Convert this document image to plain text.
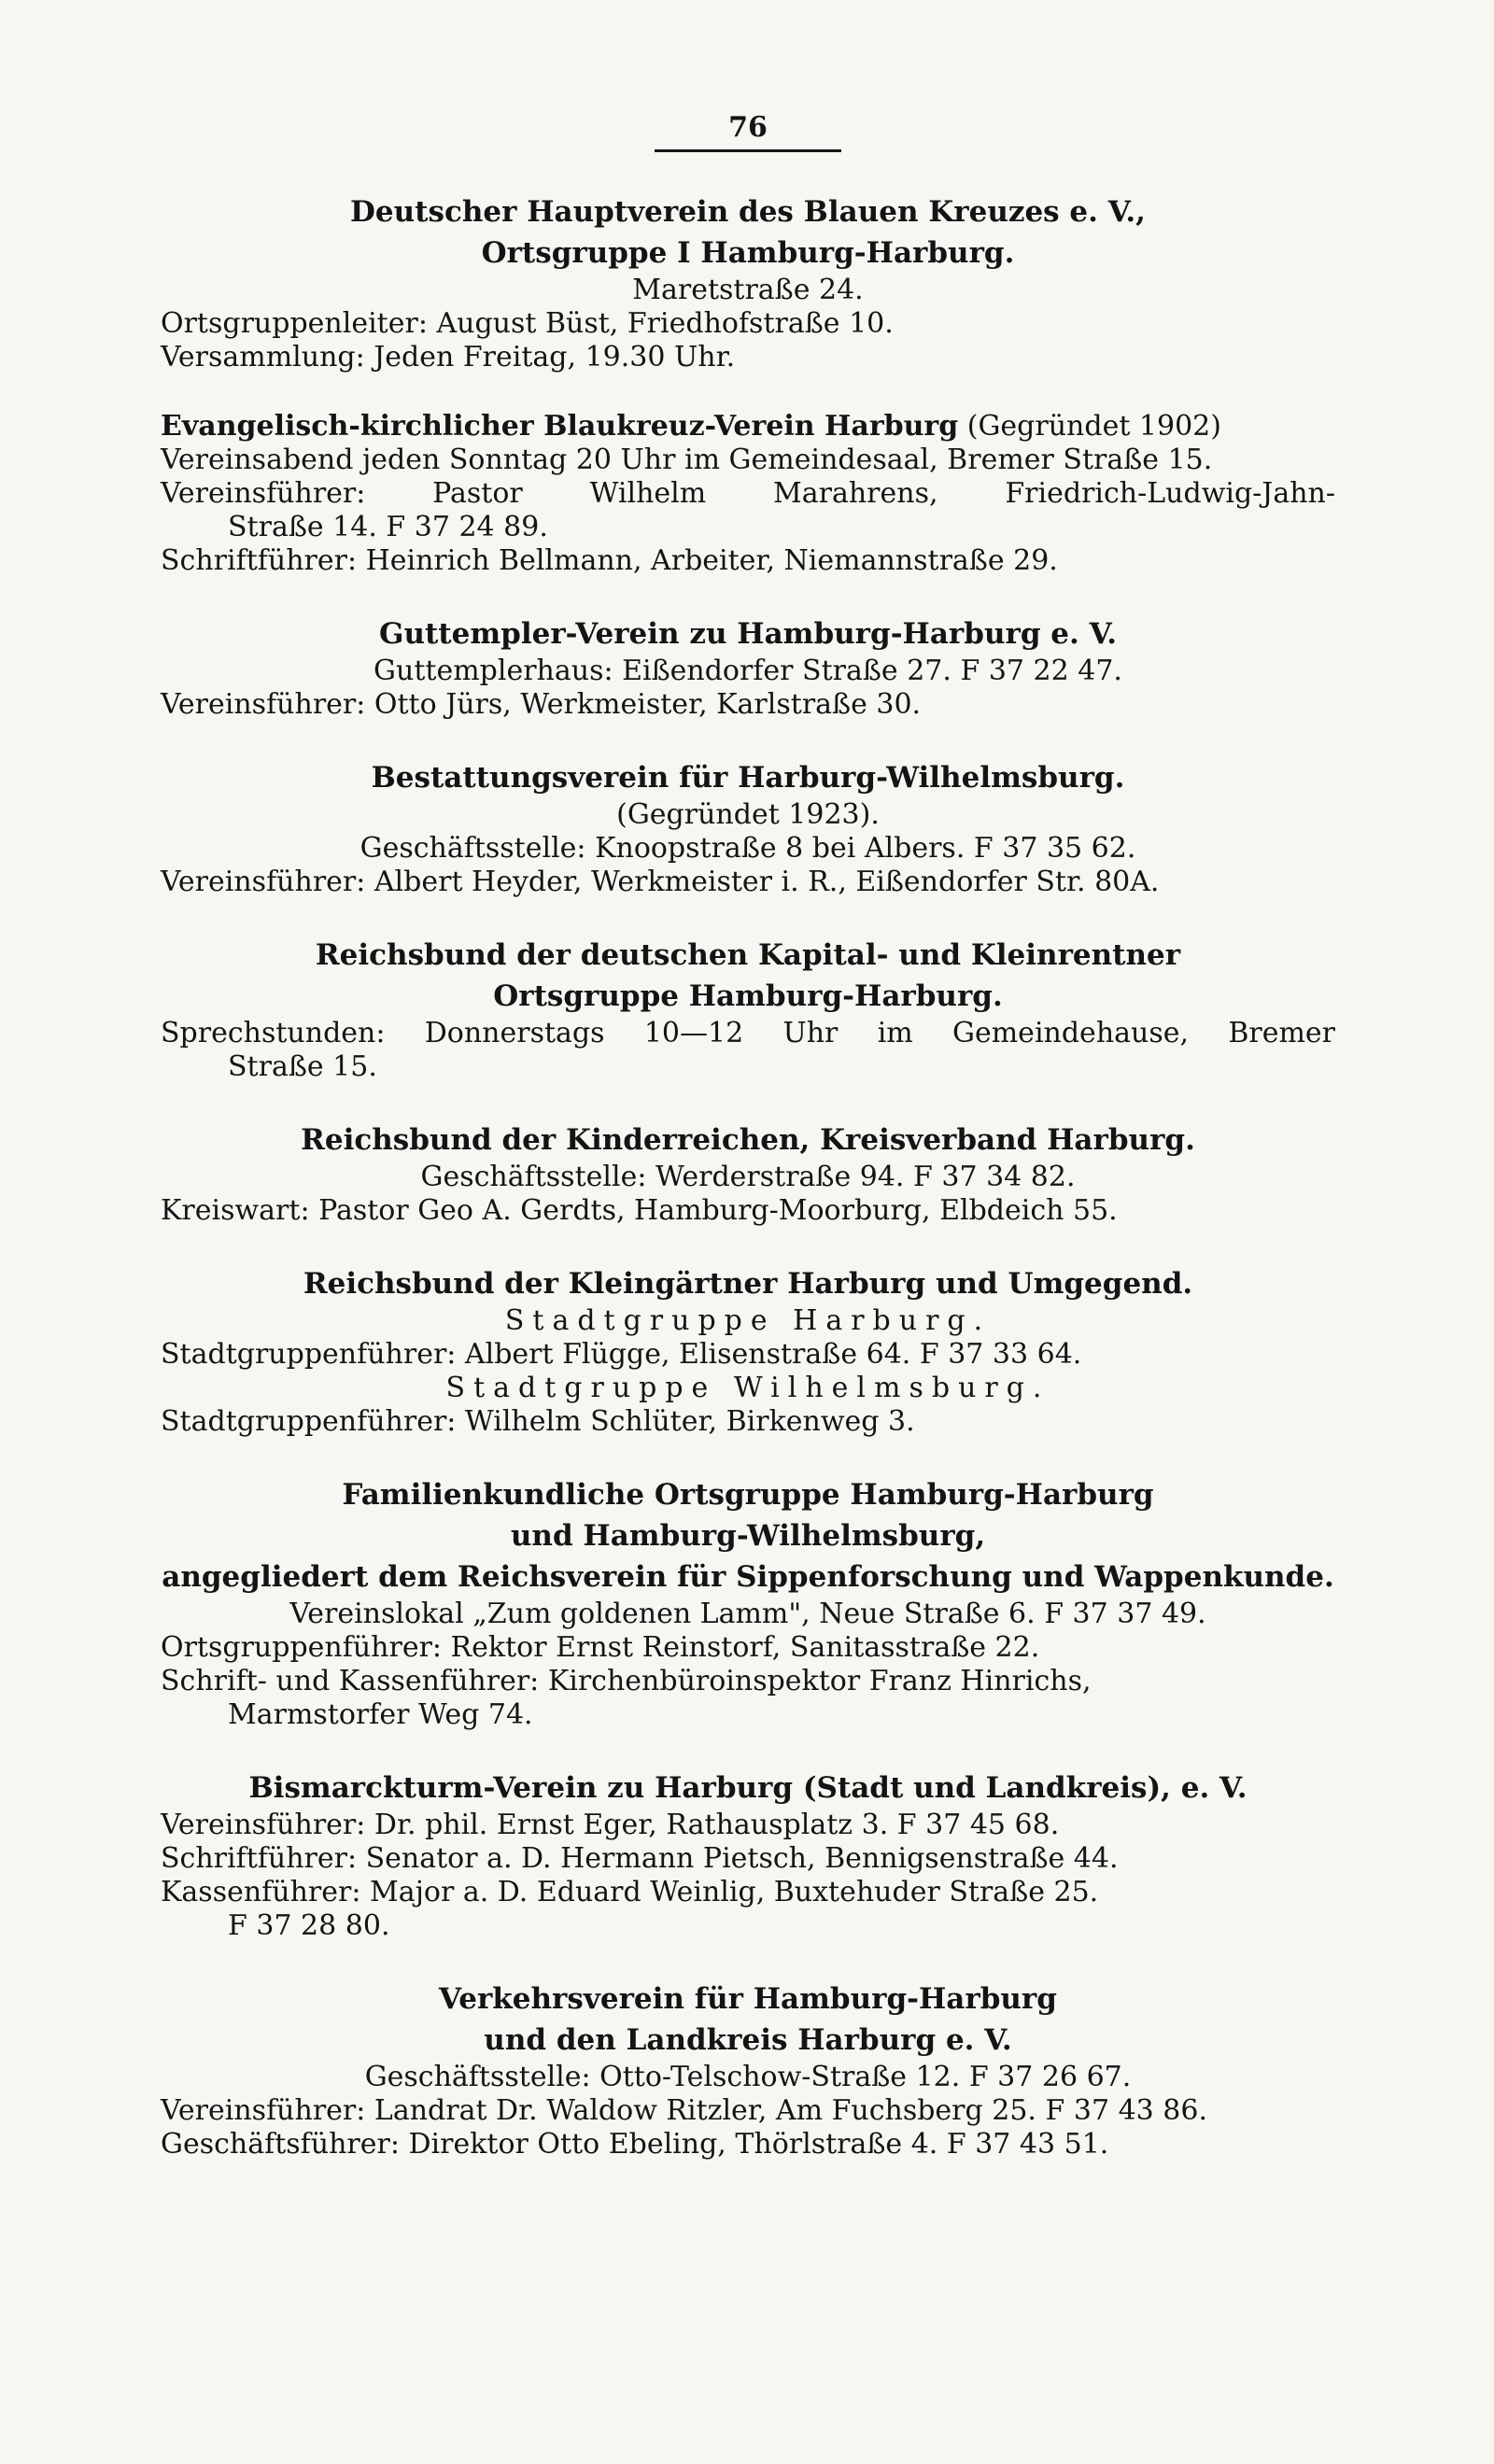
76
Deutscher Hauptverein des Blauen Kreuzes e. V.,
Ortsgruppe I Hamburg-Harburg.
Maretstraße 24.
Ortsgruppenleiter: August Büst, Friedhofstraße 10.
Versammlung: Jeden Freitag, 19.30 Uhr.
Evangelisch-kirchlicher Blaukreuz-Verein Harburg (Gegründet 1902)
Vereinsabend jeden Sonntag 20 Uhr im Gemeindesaal, Bremer Straße 15.
Vereinsführer: Pastor Wilhelm Marahrens, Friedrich-Ludwig-Jahn-
Straße 14. F 37 24 89.
Schriftführer: Heinrich Bellmann, Arbeiter, Niemannstraße 29.
Guttempler-Verein zu Hamburg-Harburg e. V.
Guttemplerhaus: Eißendorfer Straße 27. F 37 22 47.
Vereinsführer: Otto Jürs, Werkmeister, Karlstraße 30.
Bestattungsverein für Harburg-Wilhelmsburg.
(Gegründet 1923).
Geschäftsstelle: Knoopstraße 8 bei Albers. F 37 35 62.
Vereinsführer: Albert Heyder, Werkmeister i. R., Eißendorfer Str. 80A.
Reichsbund der deutschen Kapital- und Kleinrentner
Ortsgruppe Hamburg-Harburg.
Sprechstunden: Donnerstags 10—12 Uhr im Gemeindehause, Bremer
Straße 15.
Reichsbund der Kinderreichen, Kreisverband Harburg.
Geschäftsstelle: Werderstraße 94. F 37 34 82.
Kreiswart: Pastor Geo A. Gerdts, Hamburg-Moorburg, Elbdeich 55.
Reichsbund der Kleingärtner Harburg und Umgegend.
Stadtgruppe Harburg.
Stadtgruppenführer: Albert Flügge, Elisenstraße 64. F 37 33 64.
Stadtgruppe Wilhelmsburg.
Stadtgruppenführer: Wilhelm Schlüter, Birkenweg 3.
Familienkundliche Ortsgruppe Hamburg-Harburg
und Hamburg-Wilhelmsburg,
angegliedert dem Reichsverein für Sippenforschung und Wappenkunde.
Vereinslokal „Zum goldenen Lamm", Neue Straße 6. F 37 37 49.
Ortsgruppenführer: Rektor Ernst Reinstorf, Sanitasstraße 22.
Schrift- und Kassenführer: Kirchenbüroinspektor Franz Hinrichs,
Marmstorfer Weg 74.
Bismarckturm-Verein zu Harburg (Stadt und Landkreis), e. V.
Vereinsführer: Dr. phil. Ernst Eger, Rathausplatz 3. F 37 45 68.
Schriftführer: Senator a. D. Hermann Pietsch, Bennigsenstraße 44.
Kassenführer: Major a. D. Eduard Weinlig, Buxtehuder Straße 25.
F 37 28 80.
Verkehrsverein für Hamburg-Harburg
und den Landkreis Harburg e. V.
Geschäftsstelle: Otto-Telschow-Straße 12. F 37 26 67.
Vereinsführer: Landrat Dr. Waldow Ritzler, Am Fuchsberg 25. F 37 43 86.
Geschäftsführer: Direktor Otto Ebeling, Thörlstraße 4. F 37 43 51.
